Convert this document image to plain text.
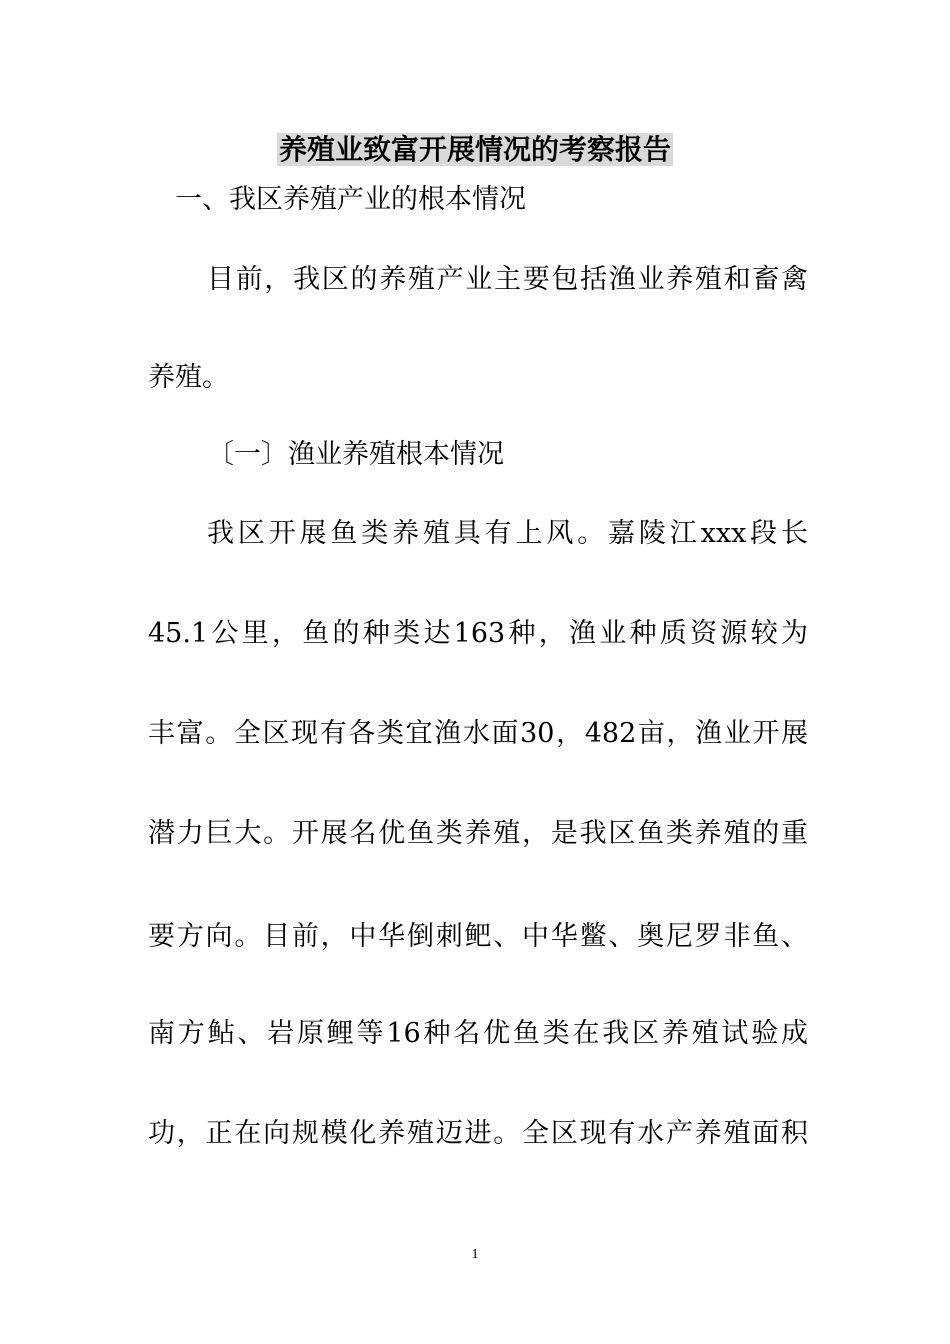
养殖业致富开展情况的考察报告

一、我区养殖产业的根本情况

目前，我区的养殖产业主要包括渔业养殖和畜禽

养殖。

〔一〕渔业养殖根本情况

我区开展鱼类养殖具有上风。嘉陵江xxx段长

45.1公里，鱼的种类达163种，渔业种质资源较为

丰富。全区现有各类宜渔水面30，482亩，渔业开展

潜力巨大。开展名优鱼类养殖，是我区鱼类养殖的重

要方向。目前，中华倒刺鲃、中华鳖、奥尼罗非鱼、

南方鲇、岩原鲤等16种名优鱼类在我区养殖试验成

功，正在向规模化养殖迈进。全区现有水产养殖面积

1
